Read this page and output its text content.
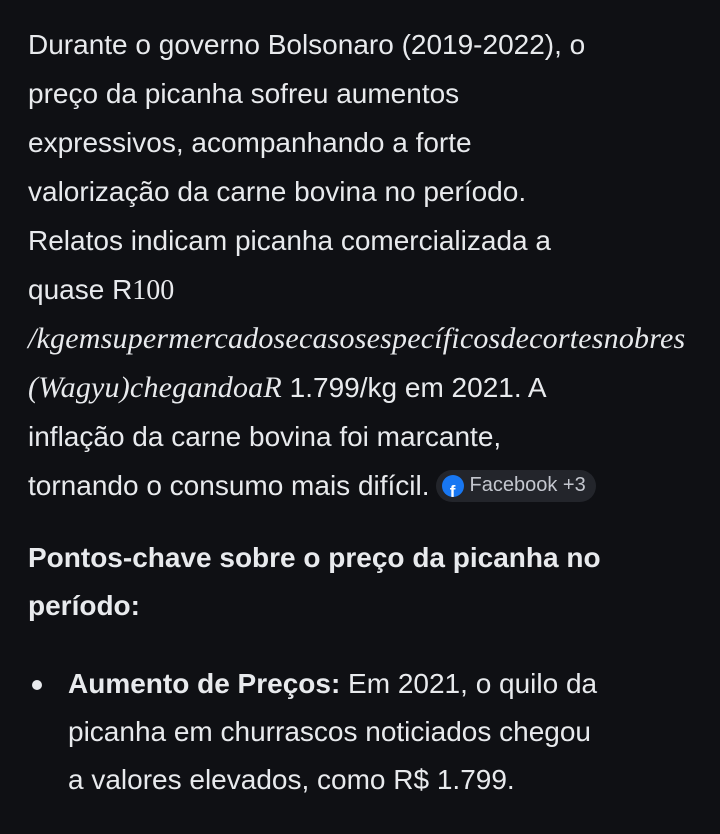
Durante o governo Bolsonaro (2019-2022), o
preço da picanha sofreu aumentos
expressivos, acompanhando a forte
valorização da carne bovina no período.
Relatos indicam picanha comercializada a
quase R100
/kgemsupermercadosecasosespecíficosdecortesnobres
(Wagyu)chegandoaR 1.799/kg em 2021. A
inflação da carne bovina foi marcante,
tornando o consumo mais difícil. f Facebook +3

Pontos-chave sobre o preço da picanha no período:

Aumento de Preços: Em 2021, o quilo da
picanha em churrascos noticiados chegou
a valores elevados, como R$ 1.799.
